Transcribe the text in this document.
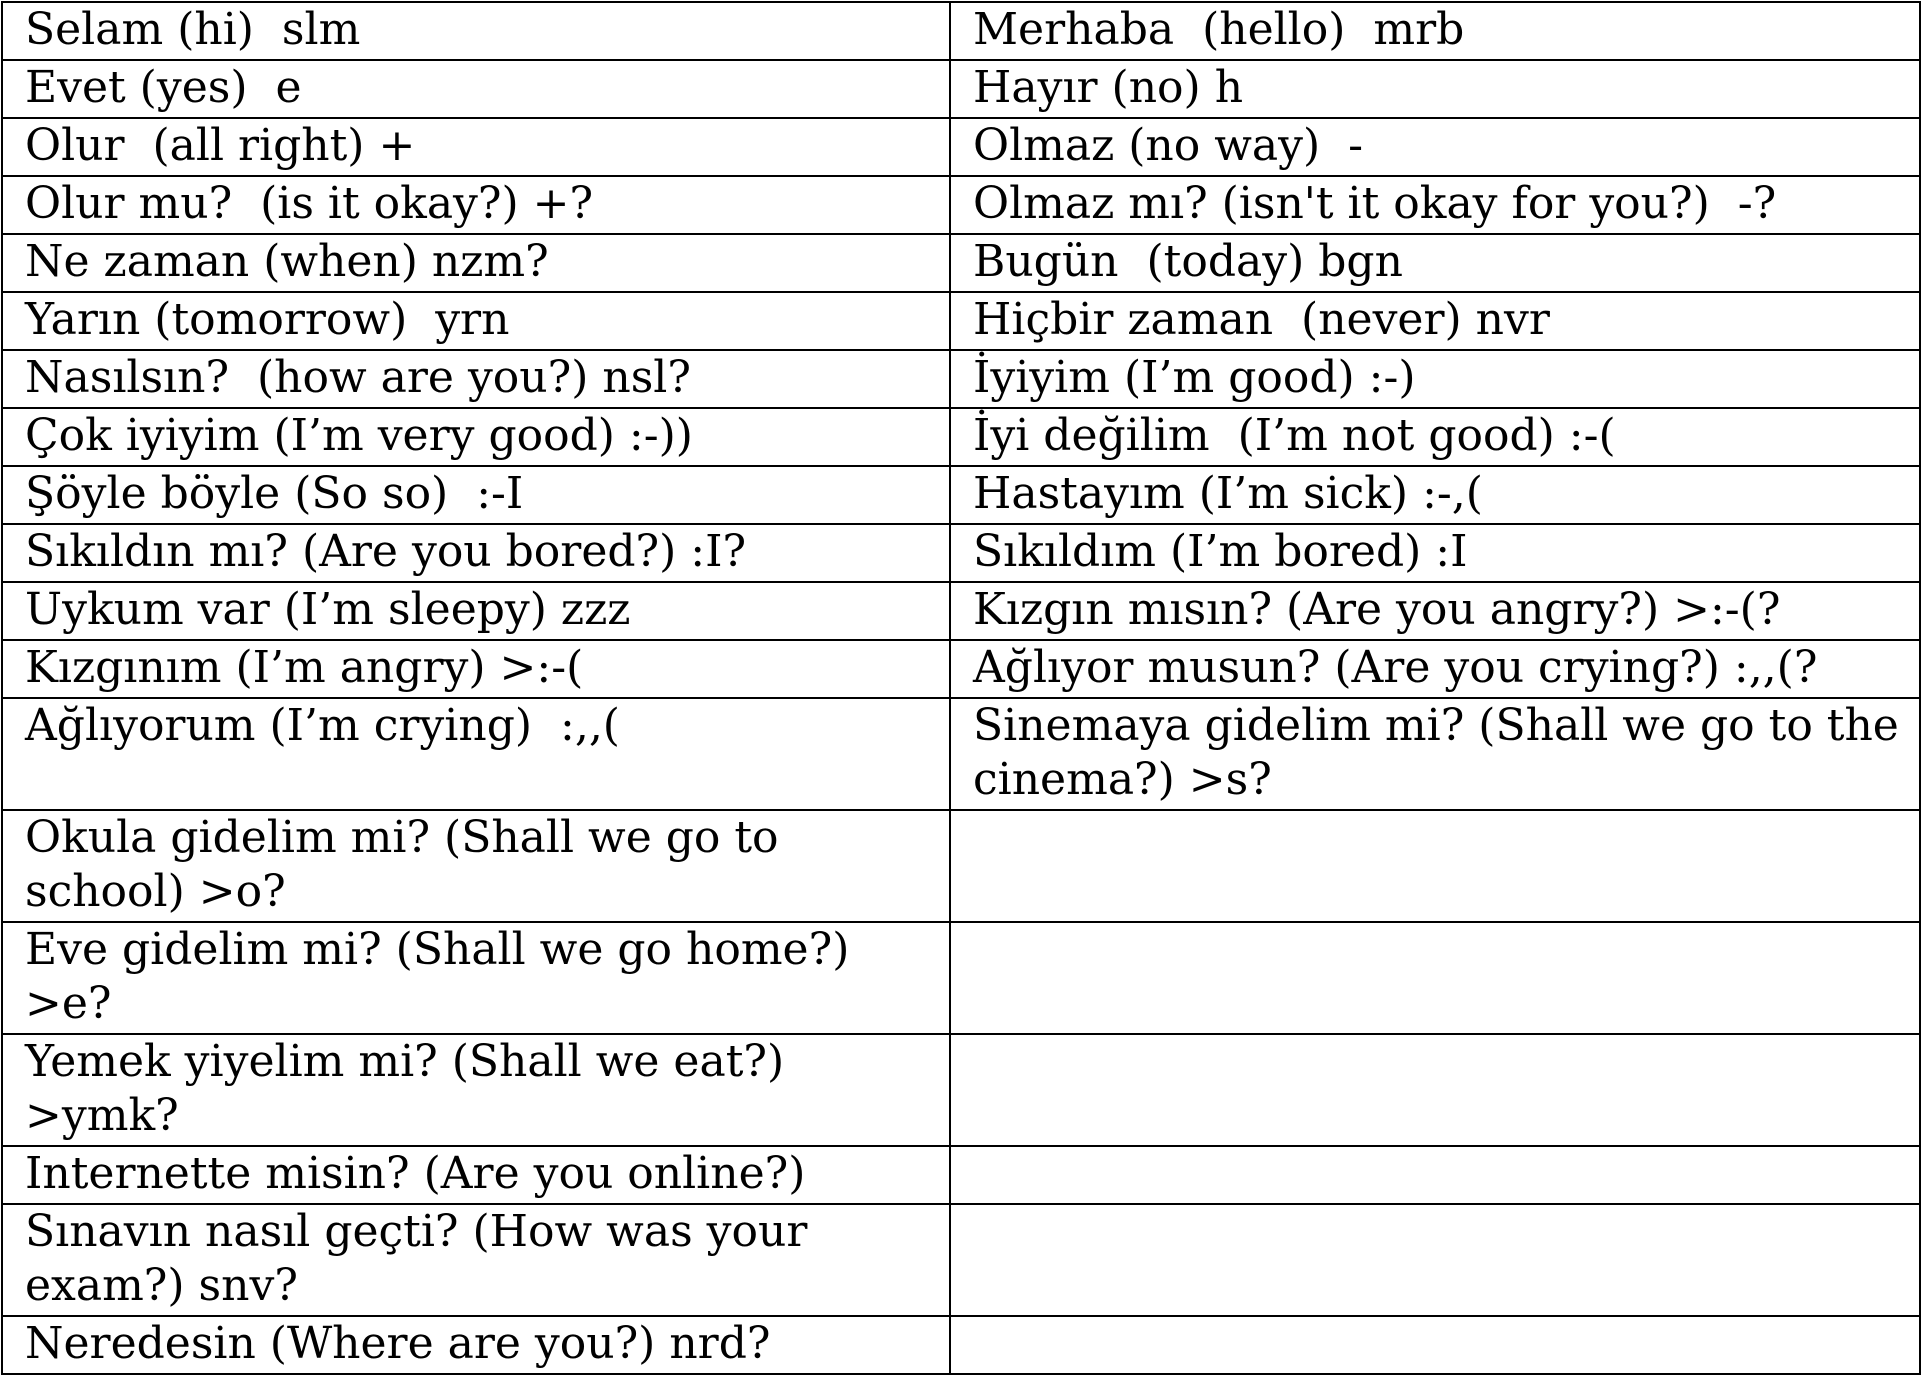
Selam (hi)  slm	Merhaba  (hello)  mrb
Evet (yes)  e	Hayır (no) h
Olur  (all right) +	Olmaz (no way)  -
Olur mu?  (is it okay?) +?	Olmaz mı? (isn't it okay for you?)  -?
Ne zaman (when) nzm?	Bugün  (today) bgn
Yarın (tomorrow)  yrn	Hiçbir zaman  (never) nvr
Nasılsın?  (how are you?) nsl?	İyiyim (I’m good) :-)
Çok iyiyim (I’m very good) :-))	İyi değilim  (I’m not good) :-(
Şöyle böyle (So so)  :-I	Hastayım (I’m sick) :-,(
Sıkıldın mı? (Are you bored?) :I?	Sıkıldım (I’m bored) :I
Uykum var (I’m sleepy) zzz	Kızgın mısın? (Are you angry?) >:-(?
Kızgınım (I’m angry) >:-(	Ağlıyor musun? (Are you crying?) :,,(?
Ağlıyorum (I’m crying)  :,,(	Sinemaya gidelim mi? (Shall we go to the cinema?) >s?
Okula gidelim mi? (Shall we go to school) >o?	
Eve gidelim mi? (Shall we go home?) >e?	
Yemek yiyelim mi? (Shall we eat?) >ymk?	
Internette misin? (Are you online?)	
Sınavın nasıl geçti? (How was your exam?) snv?	
Neredesin (Where are you?) nrd?	
